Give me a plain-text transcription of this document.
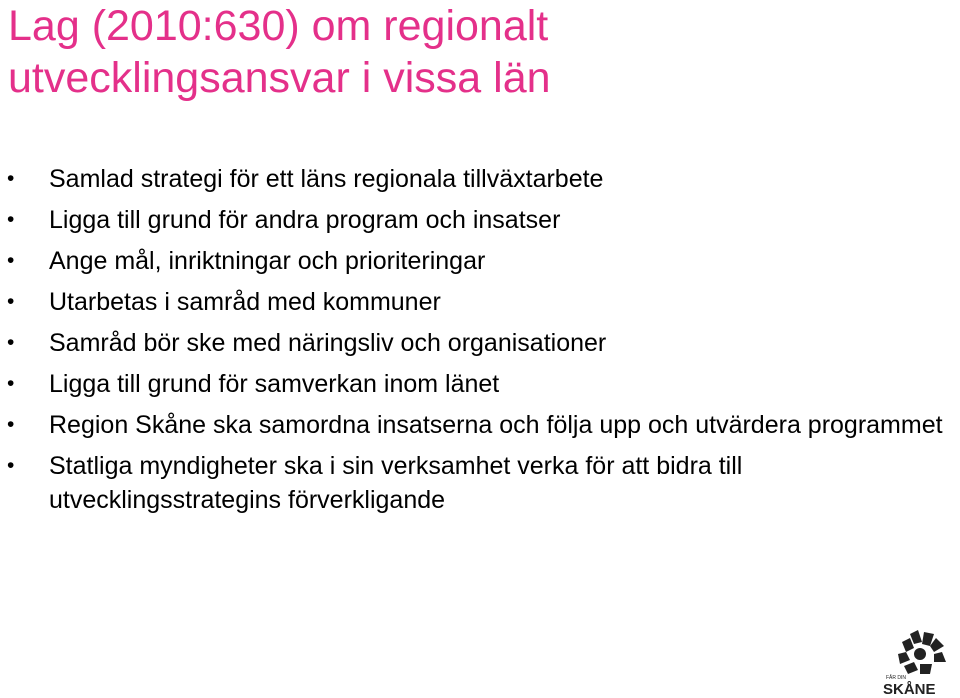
Lag (2010:630) om regionalt
utvecklingsansvar i vissa län
• Samlad strategi för ett läns regionala tillväxtarbete
• Ligga till grund för andra program och insatser
• Ange mål, inriktningar och prioriteringar
• Utarbetas i samråd med kommuner
• Samråd bör ske med näringsliv och organisationer
• Ligga till grund för samverkan inom länet
• Region Skåne ska samordna insatserna och följa upp och utvärdera programmet
• Statliga myndigheter ska i sin verksamhet verka för att bidra till utvecklingsstrategins förverkligande
FÅR DIN
SKÅNE
